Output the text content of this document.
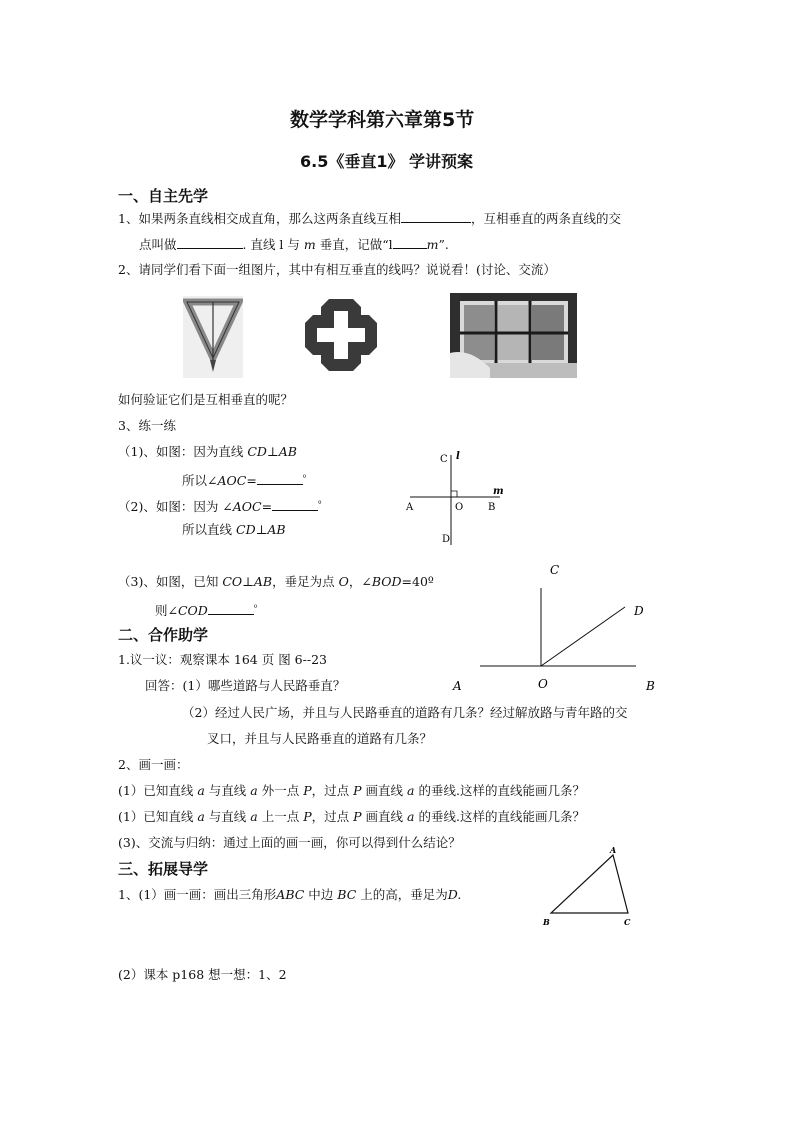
数学学科第六章第5节
6.5《垂直1》 学讲预案
一、自主先学
1、如果两条直线相交成直角，那么这两条直线互相	，互相垂直的两条直线的交
点叫做	. 直线 l 与 m 垂直，记做“l	m”.
2、请同学们看下面一组图片，其中有相互垂直的线吗？说说看！(讨论、交流）
如何验证它们是互相垂直的呢？
3、练一练
（1)、如图：因为直线 CD⊥AB
所以∠AOC=	$^º$
（2)、如图：因为 ∠AOC=	$^º$
所以直线 CD⊥AB
C l
m
A	O B
D
（3)、如图，已知 CO⊥AB，垂足为点 O，∠BOD=40º
则∠COD	$^º$
C
D
A	O	B
二、合作助学
1.议一议：观察课本 164 页 图 6--23
回答：(1）哪些道路与人民路垂直？
（2）经过人民广场，并且与人民路垂直的道路有几条？经过解放路与青年路的交
叉口，并且与人民路垂直的道路有几条？
2、画一画：
(1）已知直线 a 与直线 a 外一点 P，过点 P 画直线 a 的垂线.这样的直线能画几条？
(1）已知直线 a 与直线 a 上一点 P，过点 P 画直线 a 的垂线.这样的直线能画几条？
(3)、交流与归纳：通过上面的画一画，你可以得到什么结论？
三、拓展导学
1、(1）画一画：画出三角形ABC 中边 BC 上的高，垂足为D.
A
B	C
(2）课本 p168 想一想：1、2
